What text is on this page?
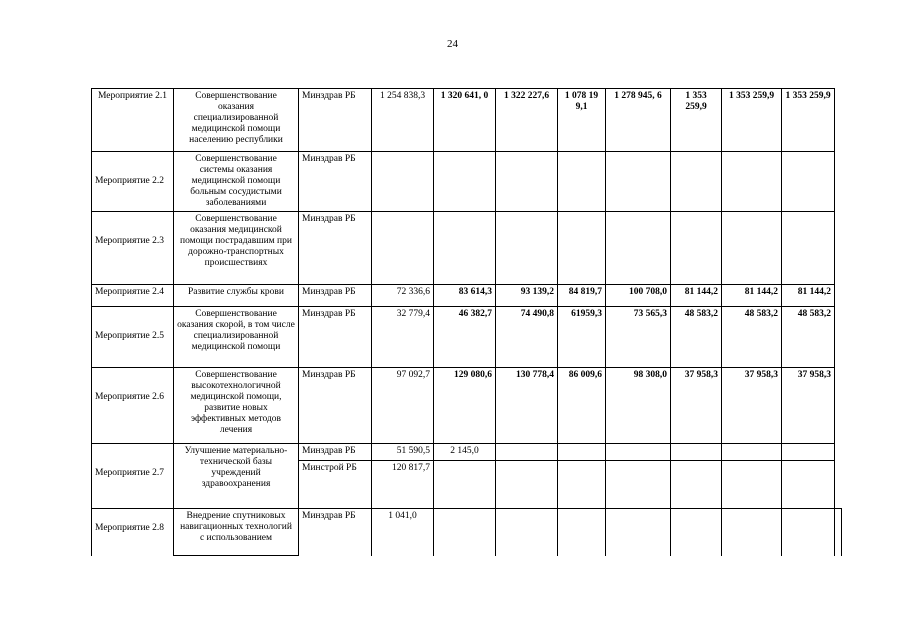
24
Мероприятие 2.1	Совершенствование оказания специализированной медицинской помощи населению республики	Минздрав РБ	1 254 838,3	1 320 641, 0	1 322 227,6	1 078 19 9,1	1 278 945, 6	1 353 259,9	1 353 259,9	1 353 259,9	

Мероприятие 2.2	Совершенствование системы оказания медицинской помощи больным сосудистыми заболеваниями	Минздрав РБ									

Мероприятие 2.3	Совершенствование оказания медицинской помощи пострадавшим при дорожно-транспортных происшествиях	Минздрав РБ									
Мероприятие 2.4	Развитие службы крови	Минздрав РБ	72 336,6	83 614,3	93 139,2	84 819,7	100 708,0	81 144,2	81 144,2	81 144,2	

Мероприятие 2.5	Совершенствование оказания скорой, в том числе специализированной медицинской помощи	Минздрав РБ	32 779,4	46 382,7	74 490,8	61959,3	73 565,3	48 583,2	48 583,2	48 583,2	

Мероприятие 2.6	Совершенствование высокотехнологичной медицинской помощи, развитие новых эффективных методов лечения	Минздрав РБ	97 092,7	129 080,6	130 778,4	86 009,6	98 308,0	37 958,3	37 958,3	37 958,3	

Мероприятие 2.7	Улучшение материально-технической базы учреждений здравоохранения	Минздрав РБ	51 590,5	2 145,0							
		Минстрой РБ	120 817,7								

Мероприятие 2.8	Внедрение спутниковых навигационных технологий с использованием	Минздрав РБ	1 041,0								
